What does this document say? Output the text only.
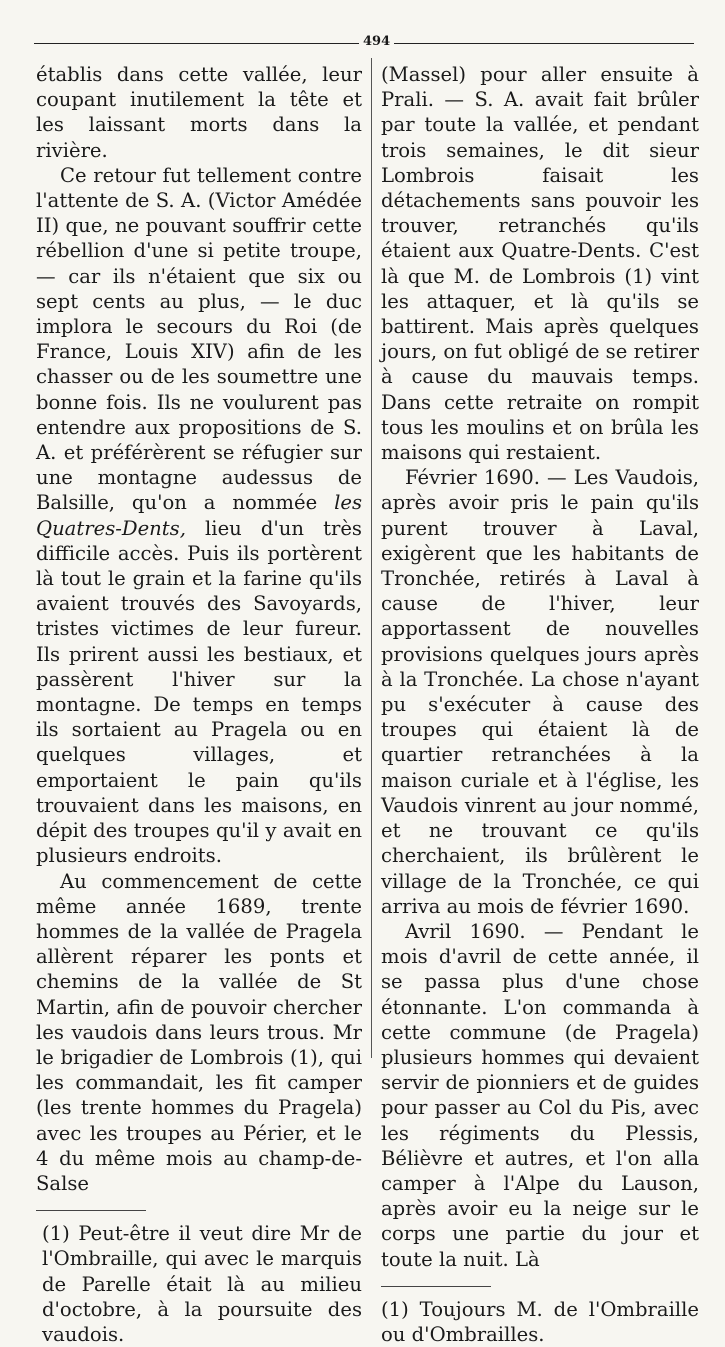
494

établis dans cette vallée, leur coupant inutilement la tête et les laissant morts dans la rivière.

Ce retour fut tellement contre l'attente de S. A. (Victor Amédée II) que, ne pouvant souffrir cette rébellion d'une si petite troupe, — car ils n'étaient que six ou sept cents au plus, — le duc implora le secours du Roi (de France, Louis XIV) afin de les chasser ou de les soumettre une bonne fois. Ils ne voulurent pas entendre aux propositions de S. A. et préférèrent se réfugier sur une montagne audessus de Balsille, qu'on a nommée les Quatres-Dents, lieu d'un très difficile accès. Puis ils portèrent là tout le grain et la farine qu'ils avaient trouvés des Savoyards, tristes victimes de leur fureur. Ils prirent aussi les bestiaux, et passèrent l'hiver sur la montagne. De temps en temps ils sortaient au Pragela ou en quelques villages, et emportaient le pain qu'ils trouvaient dans les maisons, en dépit des troupes qu'il y avait en plusieurs endroits.

Au commencement de cette même année 1689, trente hommes de la vallée de Pragela allèrent réparer les ponts et chemins de la vallée de St Martin, afin de pouvoir chercher les vaudois dans leurs trous. Mr le brigadier de Lombrois (1), qui les commandait, les fit camper (les trente hommes du Pragela) avec les troupes au Périer, et le 4 du même mois au champ-de-Salse

(1) Peut-être il veut dire Mr de l'Ombraille, qui avec le marquis de Parelle était là au milieu d'octobre, à la poursuite des vaudois.

(Massel) pour aller ensuite à Prali. — S. A. avait fait brûler par toute la vallée, et pendant trois semaines, le dit sieur Lombrois faisait les détachements sans pouvoir les trouver, retranchés qu'ils étaient aux Quatre-Dents. C'est là que M. de Lombrois (1) vint les attaquer, et là qu'ils se battirent. Mais après quelques jours, on fut obligé de se retirer à cause du mauvais temps. Dans cette retraite on rompit tous les moulins et on brûla les maisons qui restaient.

Février 1690. — Les Vaudois, après avoir pris le pain qu'ils purent trouver à Laval, exigèrent que les habitants de Tronchée, retirés à Laval à cause de l'hiver, leur apportassent de nouvelles provisions quelques jours après à la Tronchée. La chose n'ayant pu s'exécuter à cause des troupes qui étaient là de quartier retranchées à la maison curiale et à l'église, les Vaudois vinrent au jour nommé, et ne trouvant ce qu'ils cherchaient, ils brûlèrent le village de la Tronchée, ce qui arriva au mois de février 1690.

Avril 1690. — Pendant le mois d'avril de cette année, il se passa plus d'une chose étonnante. L'on commanda à cette commune (de Pragela) plusieurs hommes qui devaient servir de pionniers et de guides pour passer au Col du Pis, avec les régiments du Plessis, Bélièvre et autres, et l'on alla camper à l'Alpe du Lauson, après avoir eu la neige sur le corps une partie du jour et toute la nuit. Là

(1) Toujours M. de l'Ombraille ou d'Ombrailles.
